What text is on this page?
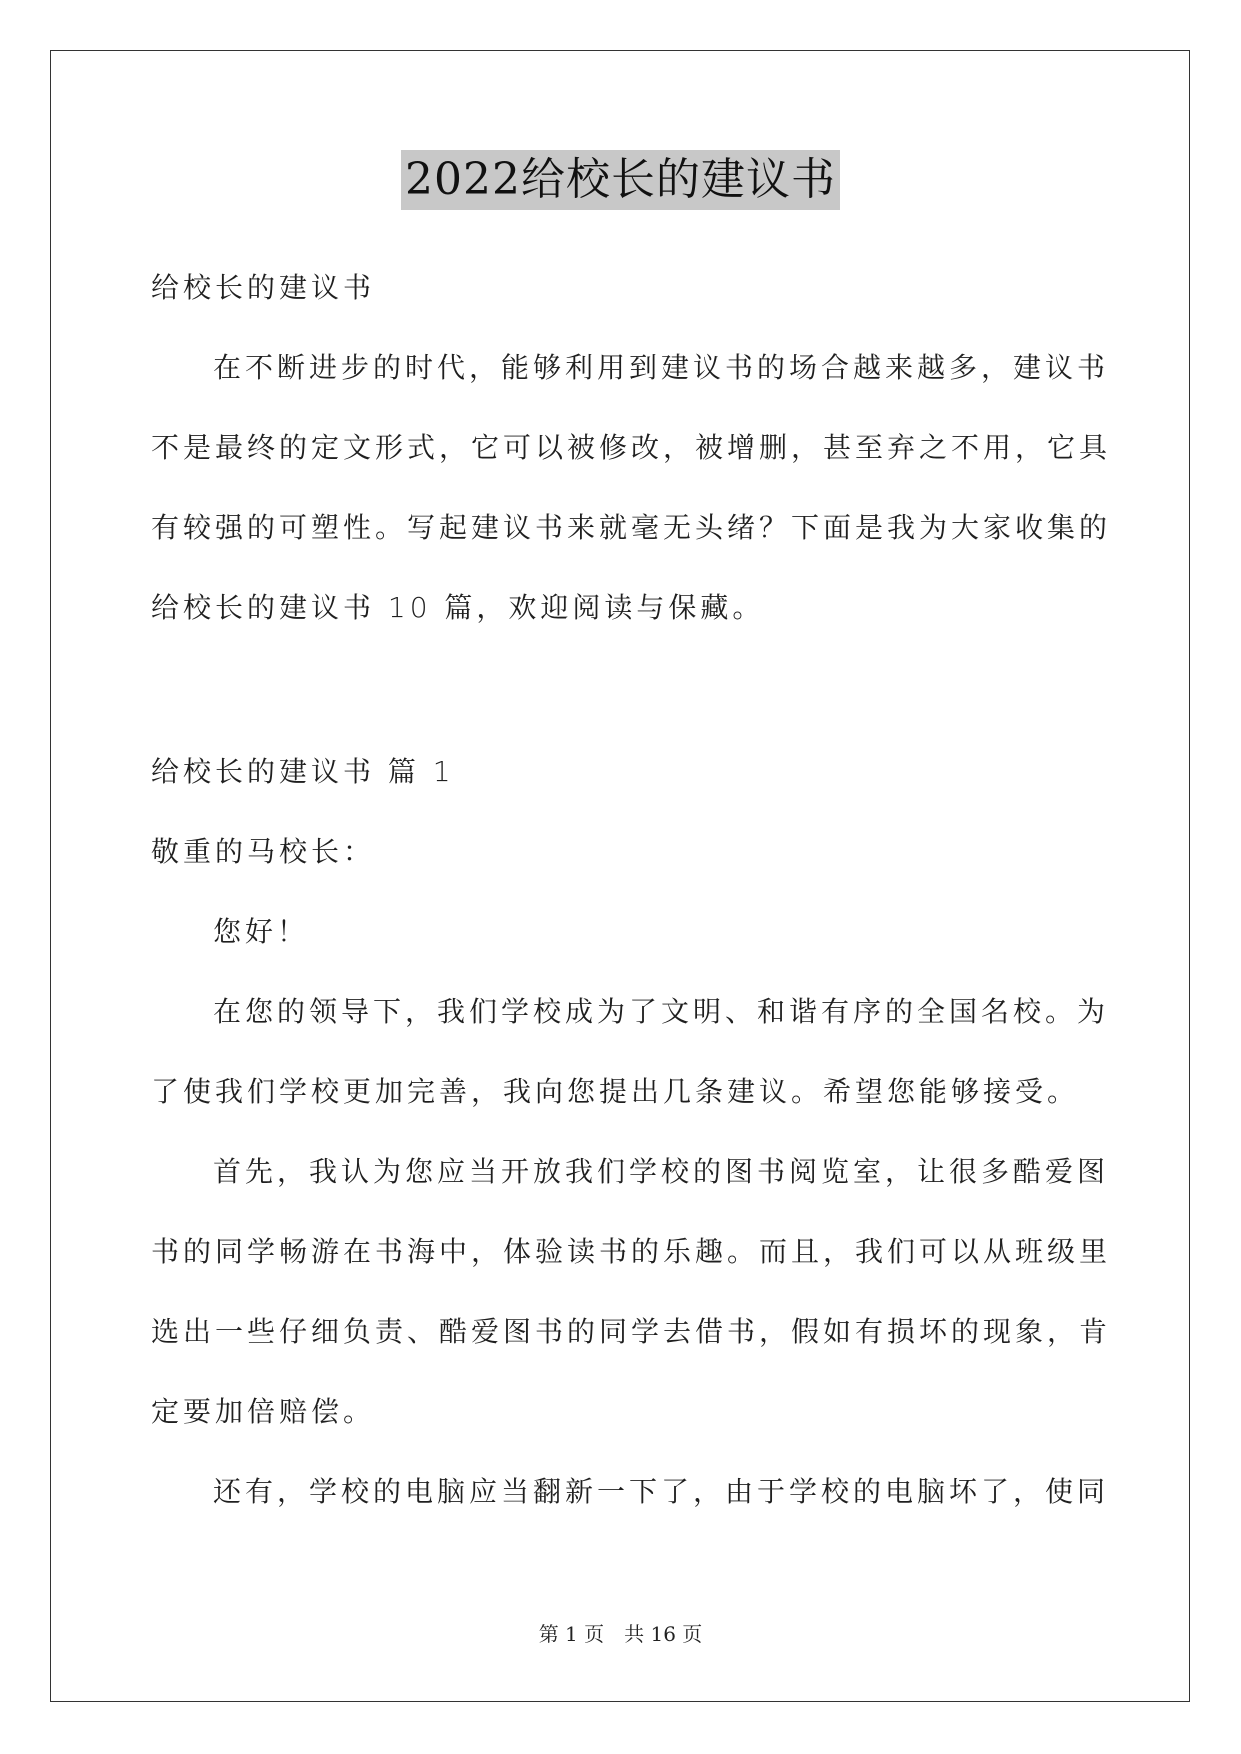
2022给校长的建议书
给校长的建议书
在不断进步的时代，能够利用到建议书的场合越来越多，建议书
不是最终的定文形式，它可以被修改，被增删，甚至弃之不用，它具
有较强的可塑性。写起建议书来就毫无头绪？下面是我为大家收集的
给校长的建议书 10 篇，欢迎阅读与保藏。
给校长的建议书 篇 1
敬重的马校长：
您好！
在您的领导下，我们学校成为了文明、和谐有序的全国名校。为
了使我们学校更加完善，我向您提出几条建议。希望您能够接受。
首先，我认为您应当开放我们学校的图书阅览室，让很多酷爱图
书的同学畅游在书海中，体验读书的乐趣。而且，我们可以从班级里
选出一些仔细负责、酷爱图书的同学去借书，假如有损坏的现象，肯
定要加倍赔偿。
还有，学校的电脑应当翻新一下了，由于学校的电脑坏了，使同
第 1 页 共 16 页
